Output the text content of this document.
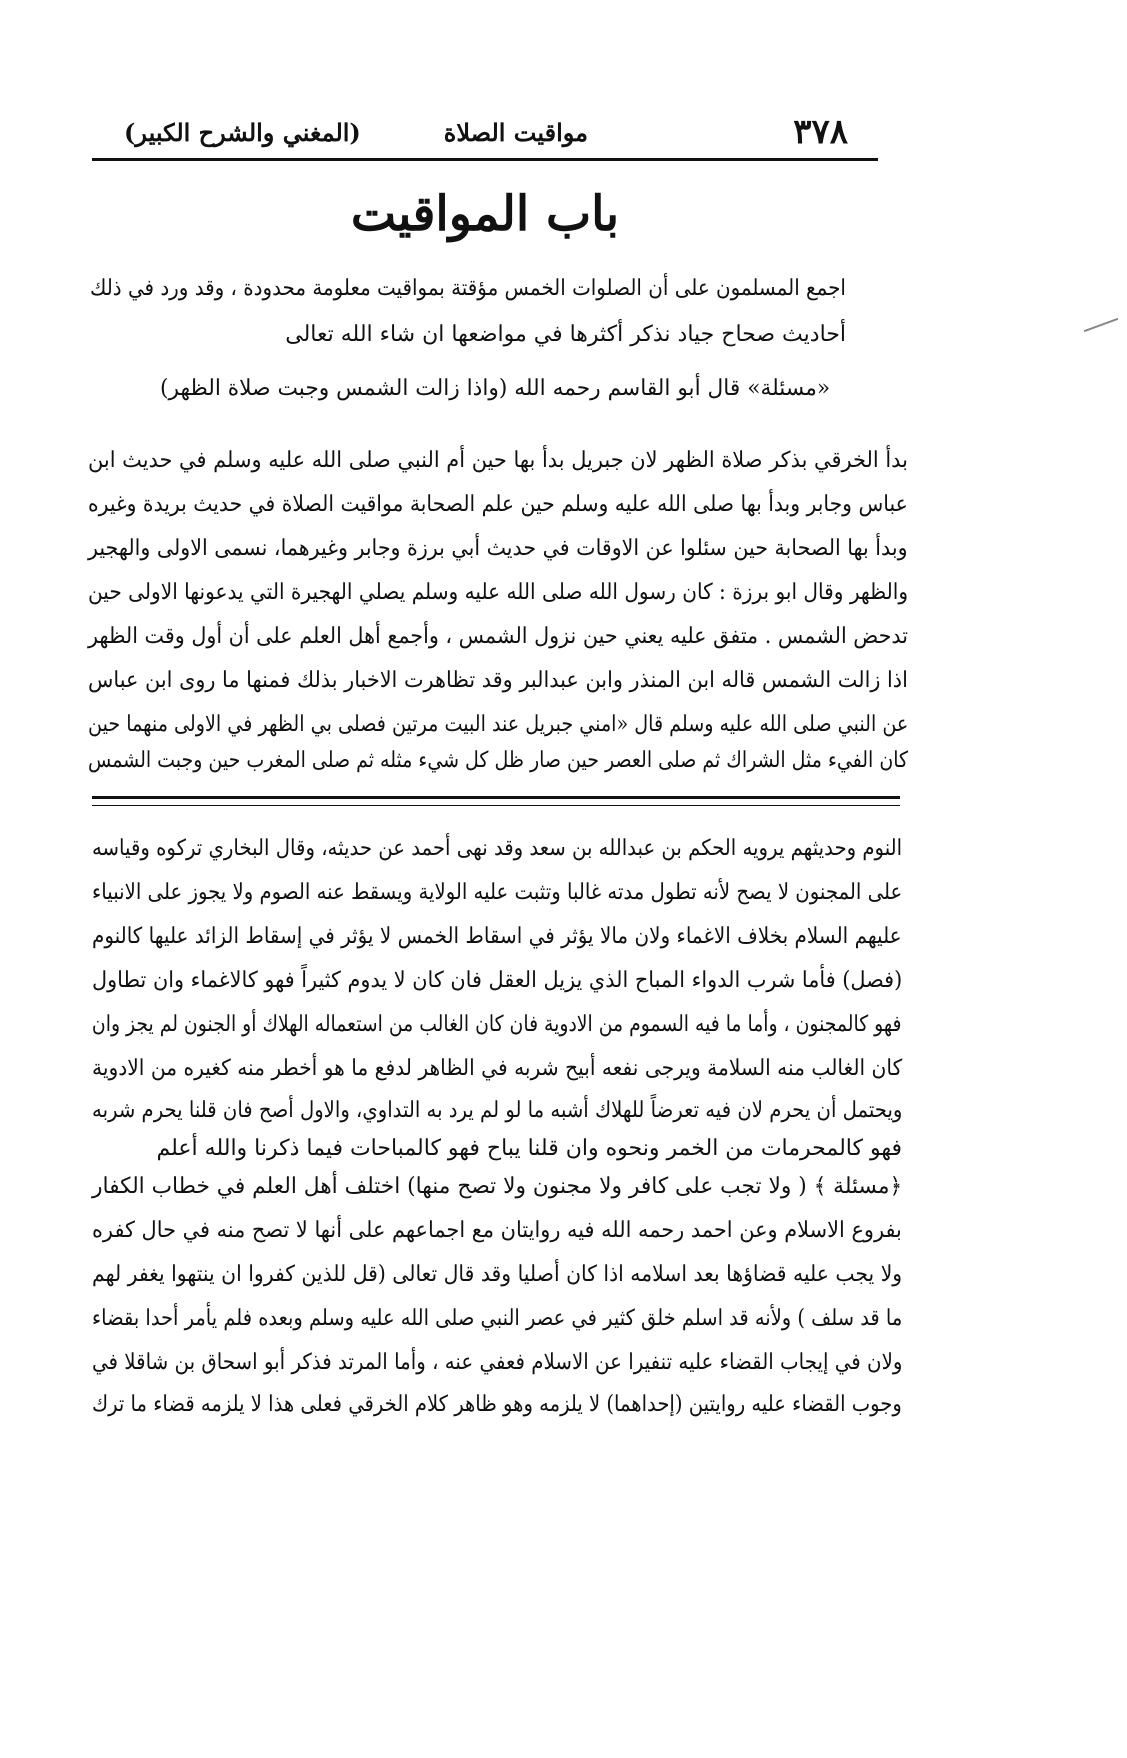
٣٧٨
مواقيت الصلاة
(المغني والشرح الكبير)
باب المواقيت
اجمع المسلمون على أن الصلوات الخمس مؤقتة بمواقيت معلومة محدودة ، وقد ورد في ذلك
أحاديث صحاح جياد نذكر أكثرها في مواضعها ان شاء الله تعالى
«مسئلة» قال أبو القاسم رحمه الله (واذا زالت الشمس وجبت صلاة الظهر)
بدأ الخرقي بذكر صلاة الظهر لان جبريل بدأ بها حين أم النبي صلى الله عليه وسلم في حديث ابن
عباس وجابر وبدأ بها صلى الله عليه وسلم حين علم الصحابة مواقيت الصلاة في حديث بريدة وغيره
وبدأ بها الصحابة حين سئلوا عن الاوقات في حديث أبي برزة وجابر وغيرهما، نسمى الاولى والهجير
والظهر وقال ابو برزة : كان رسول الله صلى الله عليه وسلم يصلي الهجيرة التي يدعونها الاولى حين
تدحض الشمس . متفق عليه يعني حين نزول الشمس ، وأجمع أهل العلم على أن أول وقت الظهر
اذا زالت الشمس قاله ابن المنذر وابن عبدالبر وقد تظاهرت الاخبار بذلك فمنها ما روى ابن عباس
عن النبي صلى الله عليه وسلم قال «امني جبريل عند البيت مرتين فصلى بي الظهر في الاولى منهما حين
كان الفيء مثل الشراك ثم صلى العصر حين صار ظل كل شيء مثله ثم صلى المغرب حين وجبت الشمس
النوم وحديثهم يرويه الحكم بن عبدالله بن سعد وقد نهى أحمد عن حديثه، وقال البخاري تركوه وقياسه
على المجنون لا يصح لأنه تطول مدته غالبا وتثبت عليه الولاية ويسقط عنه الصوم ولا يجوز على الانبياء
عليهم السلام بخلاف الاغماء ولان مالا يؤثر في اسقاط الخمس لا يؤثر في إسقاط الزائد عليها كالنوم
(فصل) فأما شرب الدواء المباح الذي يزيل العقل فان كان لا يدوم كثيراً فهو كالاغماء وان تطاول
فهو كالمجنون ، وأما ما فيه السموم من الادوية فان كان الغالب من استعماله الهلاك أو الجنون لم يجز وان
كان الغالب منه السلامة ويرجى نفعه أبيح شربه في الظاهر لدفع ما هو أخطر منه كغيره من الادوية
ويحتمل أن يحرم لان فيه تعرضاً للهلاك أشبه ما لو لم يرد به التداوي، والاول أصح فان قلنا يحرم شربه
فهو كالمحرمات من الخمر ونحوه وان قلنا يباح فهو كالمباحات فيما ذكرنا والله أعلم
﴿مسئلة ﴾ ( ولا تجب على كافر ولا مجنون ولا تصح منها) اختلف أهل العلم في خطاب الكفار
بفروع الاسلام وعن احمد رحمه الله فيه روايتان مع اجماعهم على أنها لا تصح منه في حال كفره
ولا يجب عليه قضاؤها بعد اسلامه اذا كان أصليا وقد قال تعالى (قل للذين كفروا ان ينتهوا يغفر لهم
ما قد سلف ) ولأنه قد اسلم خلق كثير في عصر النبي صلى الله عليه وسلم وبعده فلم يأمر أحدا بقضاء
ولان في إيجاب القضاء عليه تنفيرا عن الاسلام فعفي عنه ، وأما المرتد فذكر أبو اسحاق بن شاقلا في
وجوب القضاء عليه روايتين (إحداهما) لا يلزمه وهو ظاهر كلام الخرقي فعلى هذا لا يلزمه قضاء ما ترك
